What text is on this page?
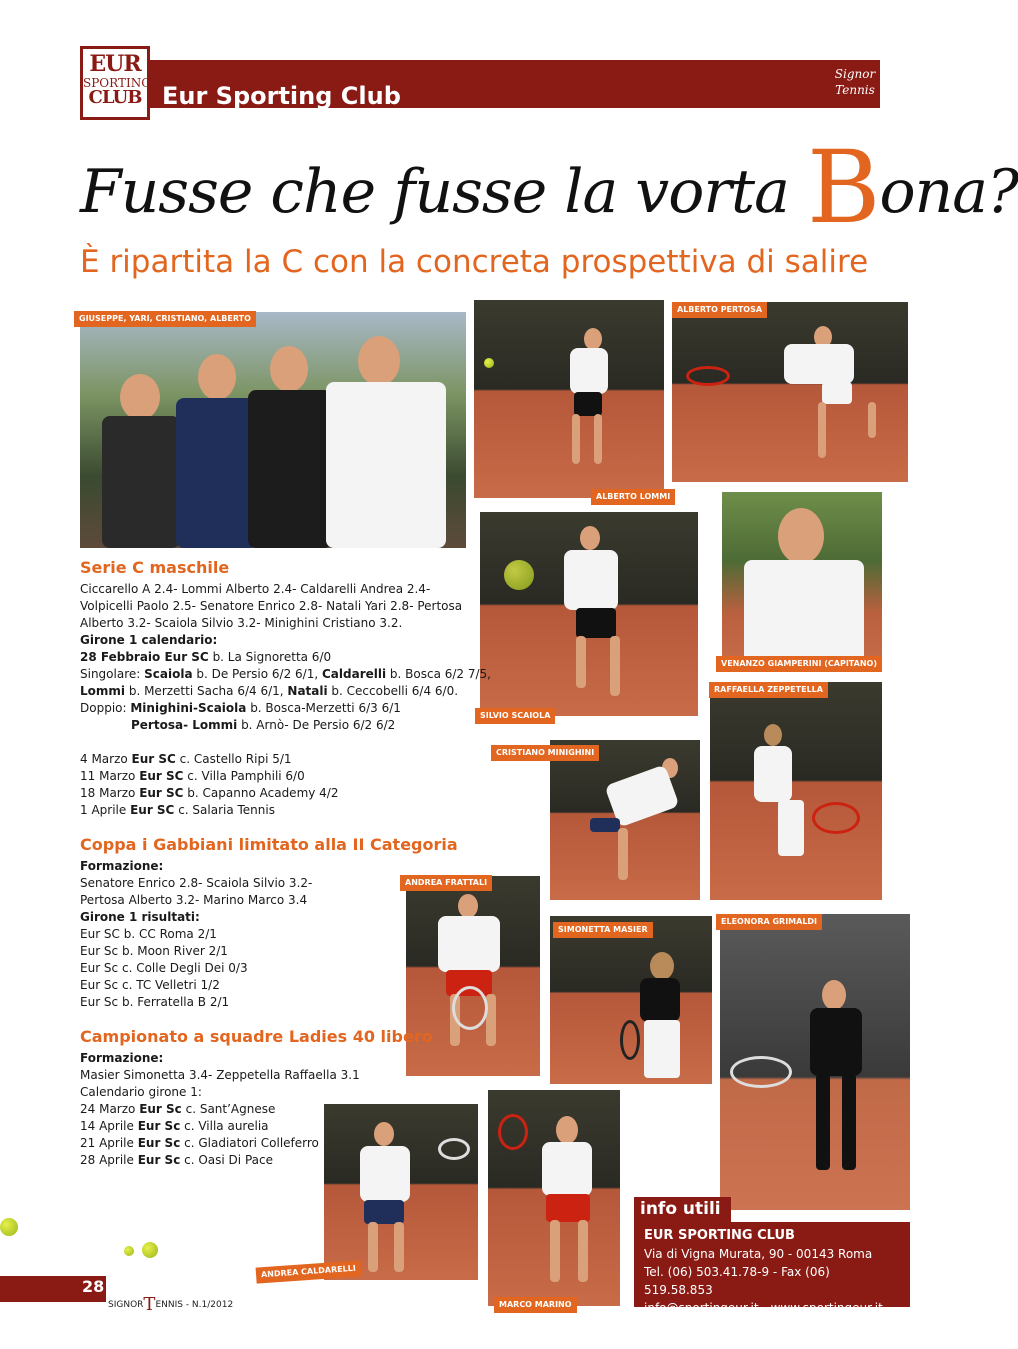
EUR
SPORTING
CLUB Eur Sporting Club
Signor
Tennis
Fusse che fusse la vorta Bona?
È ripartita la C con la concreta prospettiva di salire
GIUSEPPE, YARI, CRISTIANO, ALBERTO
ALBERTO LOMMI
ALBERTO PERTOSA
SILVIO SCAIOLA
VENANZO GIAMPERINI (CAPITANO)
RAFFAELLA ZEPPETELLA
CRISTIANO MINIGHINI
ANDREA FRATTALI
SIMONETTA MASIER
ELEONORA GRIMALDI
ANDREA CALDARELLI
MARCO MARINO
Serie C maschile
Ciccarello A 2.4- Lommi Alberto 2.4- Caldarelli Andrea 2.4-
Volpicelli Paolo 2.5- Senatore Enrico 2.8- Natali Yari 2.8- Pertosa
Alberto 3.2- Scaiola Silvio 3.2- Minighini Cristiano 3.2.
Girone 1 calendario:
28 Febbraio Eur SC b. La Signoretta 6/0
Singolare: Scaiola b. De Persio 6/2 6/1, Caldarelli b. Bosca 6/2 7/5,
Lommi b. Merzetti Sacha 6/4 6/1, Natali b. Ceccobelli 6/4 6/0.
Doppio: Minighini-Scaiola b. Bosca-Merzetti 6/3 6/1
Pertosa- Lommi b. Arnò- De Persio 6/2 6/2
4 Marzo Eur SC c. Castello Ripi 5/1
11 Marzo Eur SC c. Villa Pamphili 6/0
18 Marzo Eur SC b. Capanno Academy 4/2
1 Aprile Eur SC c. Salaria Tennis
Coppa i Gabbiani limitato alla II Categoria
Formazione:
Senatore Enrico 2.8- Scaiola Silvio 3.2-
Pertosa Alberto 3.2- Marino Marco 3.4
Girone 1 risultati:
Eur SC b. CC Roma 2/1
Eur Sc b. Moon River 2/1
Eur Sc c. Colle Degli Dei 0/3
Eur Sc c. TC Velletri 1/2
Eur Sc b. Ferratella B 2/1
Campionato a squadre Ladies 40 libero
Formazione:
Masier Simonetta 3.4- Zeppetella Raffaella 3.1
Calendario girone 1:
24 Marzo Eur Sc c. Sant’Agnese
14 Aprile Eur Sc c. Villa aurelia
21 Aprile Eur Sc c. Gladiatori Colleferro
28 Aprile Eur Sc c. Oasi Di Pace
info utili
EUR SPORTING CLUB
Via di Vigna Murata, 90 - 00143 Roma
Tel. (06) 503.41.78-9 - Fax (06) 519.58.853
info@sportingeur.it - www.sportingeur.it
28
SIGNORTENNIS - N.1/2012
